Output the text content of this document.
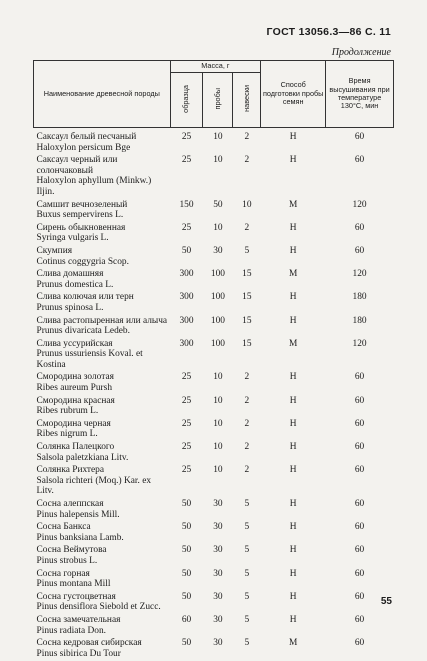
ГОСТ 13056.3—86 С. 11
Продолжение
Наименование древесной породы	Масса, г			Способ подготовки пробы семян	Время высушивания при температуре 130°С, мин
	образца	пробы	навески		

Саксаул белый песчаный
Haloxylon persicum Bge	25	10	2	Н	60

Саксаул черный или солончаковый
Haloxylon aphyllum (Minkw.) Iljin.	25	10	2	Н	60

Самшит вечнозеленый
Buxus sempervirens L.	150	50	10	М	120

Сирень обыкновенная
Syringa vulgaris L.	25	10	2	Н	60

Скумпия
Cotinus coggygria Scop.	50	30	5	Н	60

Слива домашняя
Prunus domestica L.	300	100	15	М	120

Слива колючая или терн
Prunus spinosa L.	300	100	15	Н	180

Слива растопыренная или алыча
Prunus divaricata Ledeb.	300	100	15	Н	180

Слива уссурийская
Prunus ussuriensis Koval. et Kostina	300	100	15	М	120

Смородина золотая
Ribes aureum Pursh	25	10	2	Н	60

Смородина красная
Ribes rubrum L.	25	10	2	Н	60

Смородина черная
Ribes nigrum L.	25	10	2	Н	60

Солянка Палецкого
Salsola paletzkiana Litv.	25	10	2	Н	60

Солянка Рихтера
Salsola richteri (Moq.) Kar. ex Litv.	25	10	2	Н	60

Сосна алеппская
Pinus halepensis Mill.	50	30	5	Н	60

Сосна Банкса
Pinus banksiana Lamb.	50	30	5	Н	60

Сосна Веймутова
Pinus strobus L.	50	30	5	Н	60

Сосна горная
Pinus montana Mill	50	30	5	Н	60

Сосна густоцветная
Pinus densiflora Siebold et Zucc.	50	30	5	Н	60

Сосна замечательная
Pinus radiata Don.	60	30	5	Н	60

Сосна кедровая сибирская
Pinus sibirica Du Tour	50	30	5	М	60

55
